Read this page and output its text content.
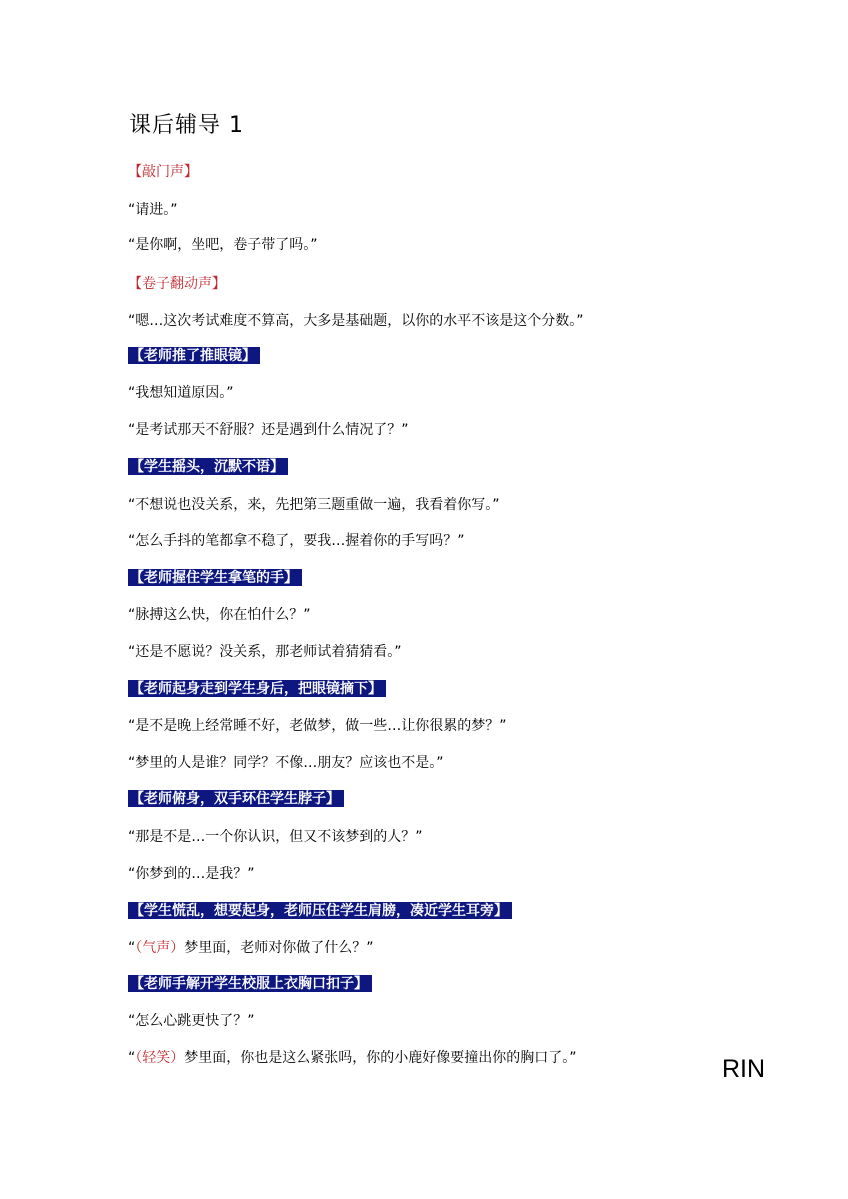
课后辅导 1
【敲门声】
“请进。”
“是你啊，坐吧，卷子带了吗。”
【卷子翻动声】
“嗯…这次考试难度不算高，大多是基础题，以你的水平不该是这个分数。”
【老师推了推眼镜】
“我想知道原因。”
“是考试那天不舒服？还是遇到什么情况了？”
【学生摇头，沉默不语】
“不想说也没关系，来，先把第三题重做一遍，我看着你写。”
“怎么手抖的笔都拿不稳了，要我…握着你的手写吗？”
【老师握住学生拿笔的手】
“脉搏这么快，你在怕什么？”
“还是不愿说？没关系，那老师试着猜猜看。”
【老师起身走到学生身后，把眼镜摘下】
“是不是晚上经常睡不好，老做梦，做一些…让你很累的梦？”
“梦里的人是谁？同学？不像…朋友？应该也不是。”
【老师俯身，双手环住学生脖子】
“那是不是…一个你认识，但又不该梦到的人？”
“你梦到的…是我？”
【学生慌乱，想要起身，老师压住学生肩膀，凑近学生耳旁】
“（气声）梦里面，老师对你做了什么？”
【老师手解开学生校服上衣胸口扣子】
“怎么心跳更快了？”
“（轻笑）梦里面，你也是这么紧张吗，你的小鹿好像要撞出你的胸口了。”	RIN
